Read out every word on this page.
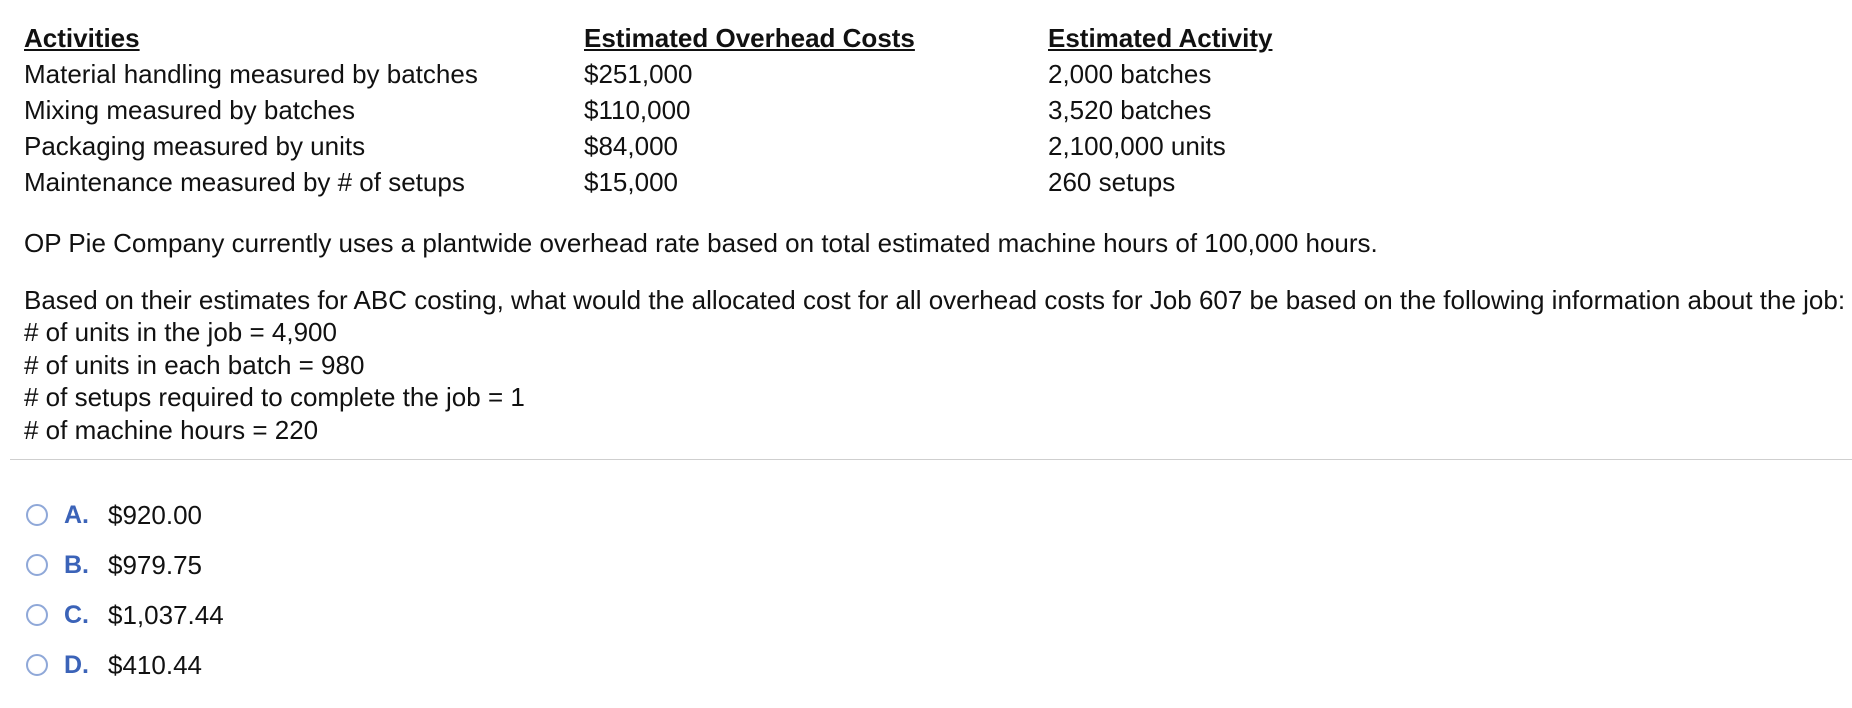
Activities	Estimated Overhead Costs	Estimated Activity
Material handling measured by batches	$251,000	2,000 batches
Mixing measured by batches	$110,000	3,520 batches
Packaging measured by units	$84,000	2,100,000 units
Maintenance measured by # of setups	$15,000	260 setups
OP Pie Company currently uses a plantwide overhead rate based on total estimated machine hours of 100,000 hours.
Based on their estimates for ABC costing, what would the allocated cost for all overhead costs for Job 607 be based on the following information about the job:
# of units in the job = 4,900
# of units in each batch = 980
# of setups required to complete the job = 1
# of machine hours = 220
A. $920.00
B. $979.75
C. $1,037.44
D. $410.44
